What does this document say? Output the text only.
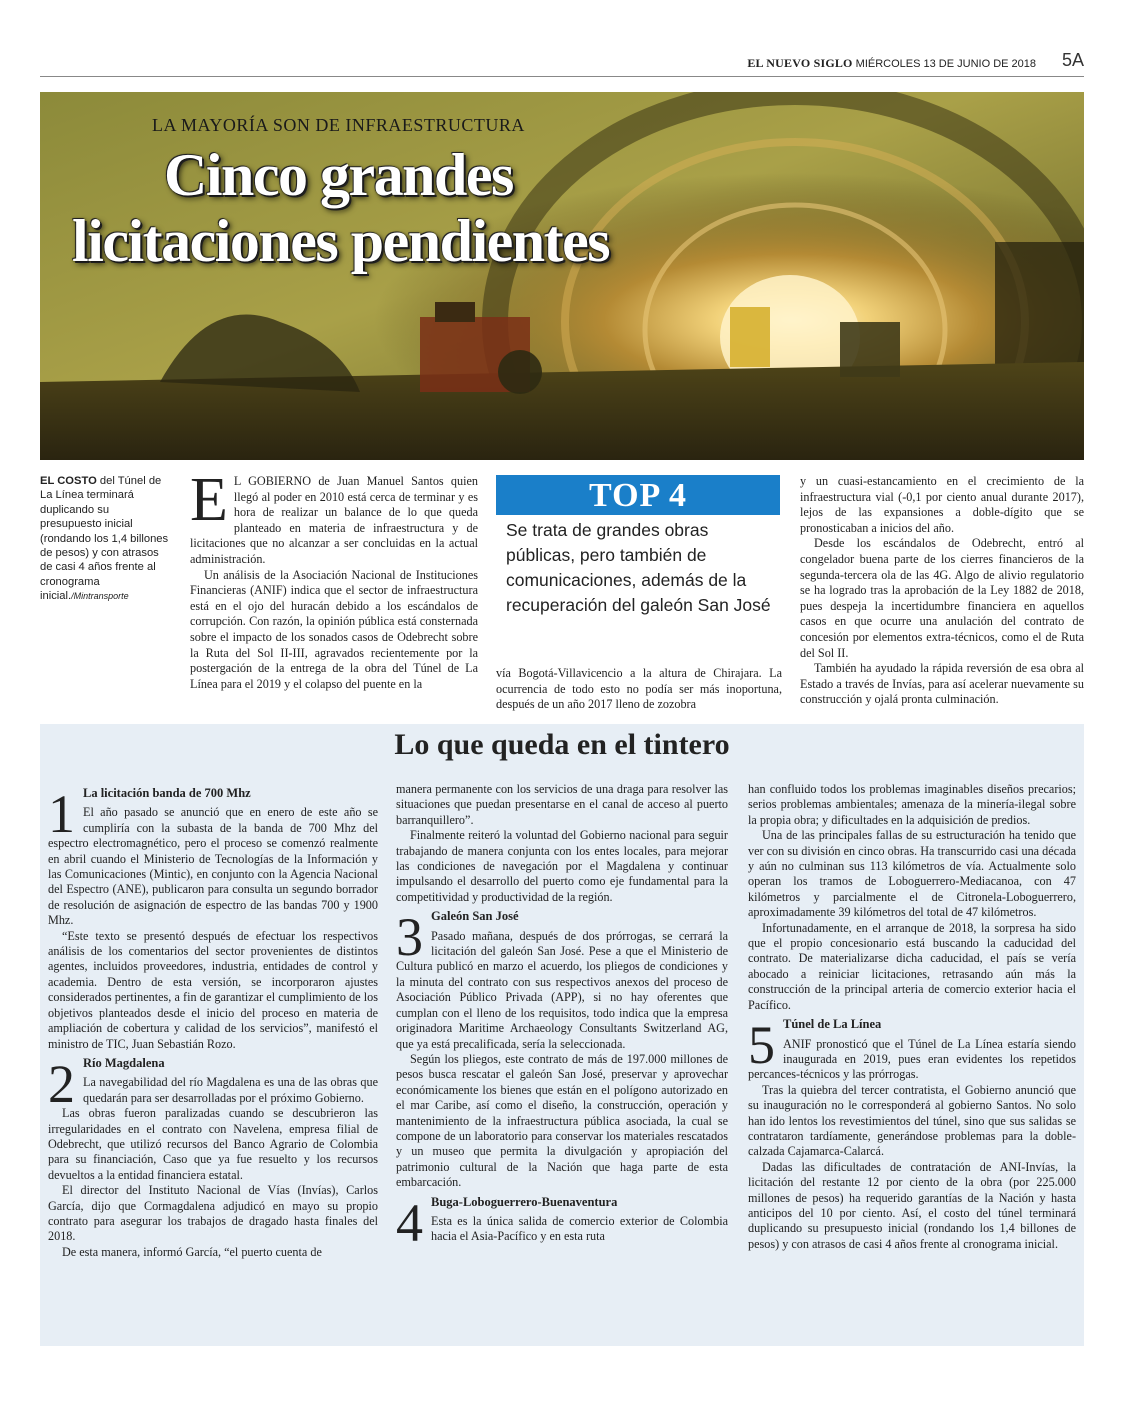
EL NUEVO SIGLO MIÉRCOLES 13 DE JUNIO DE 2018 5A
LA MAYORÍA SON DE INFRAESTRUCTURA
Cinco grandes
licitaciones pendientes
EL COSTO del Túnel de La Línea terminará duplicando su presupuesto inicial (rondando los 1,4 billones de pesos) y con atrasos de casi 4 años frente al cronograma inicial./Mintransporte

E L GOBIERNO de Juan Manuel Santos quien llegó al poder en 2010 está cerca de terminar y es hora de realizar un balance de lo que queda planteado en materia de infraestructura y de licitaciones que no alcanzar a ser concluidas en la actual administración.

Un análisis de la Asociación Nacional de Instituciones Financieras (ANIF) indica que el sector de infraestructura está en el ojo del huracán debido a los escándalos de corrupción. Con razón, la opinión pública está consternada sobre el impacto de los sonados casos de Odebrecht sobre la Ruta del Sol II-III, agravados recientemente por la postergación de la entrega de la obra del Túnel de La Línea para el 2019 y el colapso del puente en la

TOP 4
Se trata de grandes obras públicas, pero también de comunicaciones, además de la recuperación del galeón San José

vía Bogotá-Villavicencio a la altura de Chirajara. La ocurrencia de todo esto no podía ser más inoportuna, después de un año 2017 lleno de zozobra

y un cuasi-estancamiento en el crecimiento de la infraestructura vial (-0,1 por ciento anual durante 2017), lejos de las expansiones a doble-dígito que se pronosticaban a inicios del año.

Desde los escándalos de Odebrecht, entró al congelador buena parte de los cierres financieros de la segunda-tercera ola de las 4G. Algo de alivio regulatorio se ha logrado tras la aprobación de la Ley 1882 de 2018, pues despeja la incertidumbre financiera en aquellos casos en que ocurre una anulación del contrato de concesión por elementos extra-técnicos, como el de Ruta del Sol II.

También ha ayudado la rápida reversión de esa obra al Estado a través de Invías, para así acelerar nuevamente su construcción y ojalá pronta culminación.

Lo que queda en el tintero
1 La licitación banda de 700 Mhz

El año pasado se anunció que en enero de este año se cumpliría con la subasta de la banda de 700 Mhz del espectro electromagnético, pero el proceso se comenzó realmente en abril cuando el Ministerio de Tecnologías de la Información y las Comunicaciones (Mintic), en conjunto con la Agencia Nacional del Espectro (ANE), publicaron para consulta un segundo borrador de resolución de asignación de espectro de las bandas 700 y 1900 Mhz.

“Este texto se presentó después de efectuar los respectivos análisis de los comentarios del sector provenientes de distintos agentes, incluidos proveedores, industria, entidades de control y academia. Dentro de esta versión, se incorporaron ajustes considerados pertinentes, a fin de garantizar el cumplimiento de los objetivos planteados desde el inicio del proceso en materia de ampliación de cobertura y calidad de los servicios”, manifestó el ministro de TIC, Juan Sebastián Rozo.

2 Río Magdalena

La navegabilidad del río Magdalena es una de las obras que quedarán para ser desarrolladas por el próximo Gobierno.

Las obras fueron paralizadas cuando se descubrieron las irregularidades en el contrato con Navelena, empresa filial de Odebrecht, que utilizó recursos del Banco Agrario de Colombia para su financiación, Caso que ya fue resuelto y los recursos devueltos a la entidad financiera estatal.

El director del Instituto Nacional de Vías (Invías), Carlos García, dijo que Cormagdalena adjudicó en mayo su propio contrato para asegurar los trabajos de dragado hasta finales del 2018.

De esta manera, informó García, “el puerto cuenta de

manera permanente con los servicios de una draga para resolver las situaciones que puedan presentarse en el canal de acceso al puerto barranquillero”.

Finalmente reiteró la voluntad del Gobierno nacional para seguir trabajando de manera conjunta con los entes locales, para mejorar las condiciones de navegación por el Magdalena y continuar impulsando el desarrollo del puerto como eje fundamental para la competitividad y productividad de la región.

3 Galeón San José

Pasado mañana, después de dos prórrogas, se cerrará la licitación del galeón San José. Pese a que el Ministerio de Cultura publicó en marzo el acuerdo, los pliegos de condiciones y la minuta del contrato con sus respectivos anexos del proceso de Asociación Público Privada (APP), si no hay oferentes que cumplan con el lleno de los requisitos, todo indica que la empresa originadora Maritime Archaeology Consultants Switzerland AG, que ya está precalificada, sería la seleccionada.

Según los pliegos, este contrato de más de 197.000 millones de pesos busca rescatar el galeón San José, preservar y aprovechar económicamente los bienes que están en el polígono autorizado en el mar Caribe, así como el diseño, la construcción, operación y mantenimiento de la infraestructura pública asociada, la cual se compone de un laboratorio para conservar los materiales rescatados y un museo que permita la divulgación y apropiación del patrimonio cultural de la Nación que haga parte de esta embarcación.

4 Buga-Loboguerrero-Buenaventura

Esta es la única salida de comercio exterior de Colombia hacia el Asia-Pacífico y en esta ruta

han confluido todos los problemas imaginables diseños precarios; serios problemas ambientales; amenaza de la minería-ilegal sobre la propia obra; y dificultades en la adquisición de predios.

Una de las principales fallas de su estructuración ha tenido que ver con su división en cinco obras. Ha transcurrido casi una década y aún no culminan sus 113 kilómetros de vía. Actualmente solo operan los tramos de Loboguerrero-Mediacanoa, con 47 kilómetros y parcialmente el de Citronela-Loboguerrero, aproximadamente 39 kilómetros del total de 47 kilómetros.

Infortunadamente, en el arranque de 2018, la sorpresa ha sido que el propio concesionario está buscando la caducidad del contrato. De materializarse dicha caducidad, el país se vería abocado a reiniciar licitaciones, retrasando aún más la construcción de la principal arteria de comercio exterior hacia el Pacífico.

5 Túnel de La Línea

ANIF pronosticó que el Túnel de La Línea estaría siendo inaugurada en 2019, pues eran evidentes los repetidos percances-técnicos y las prórrogas.

Tras la quiebra del tercer contratista, el Gobierno anunció que su inauguración no le corresponderá al gobierno Santos. No solo han ido lentos los revestimientos del túnel, sino que sus salidas se contrataron tardíamente, generándose problemas para la doble-calzada Cajamarca-Calarcá.

Dadas las dificultades de contratación de ANI-Invías, la licitación del restante 12 por ciento de la obra (por 225.000 millones de pesos) ha requerido garantías de la Nación y hasta anticipos del 10 por ciento. Así, el costo del túnel terminará duplicando su presupuesto inicial (rondando los 1,4 billones de pesos) y con atrasos de casi 4 años frente al cronograma inicial.
